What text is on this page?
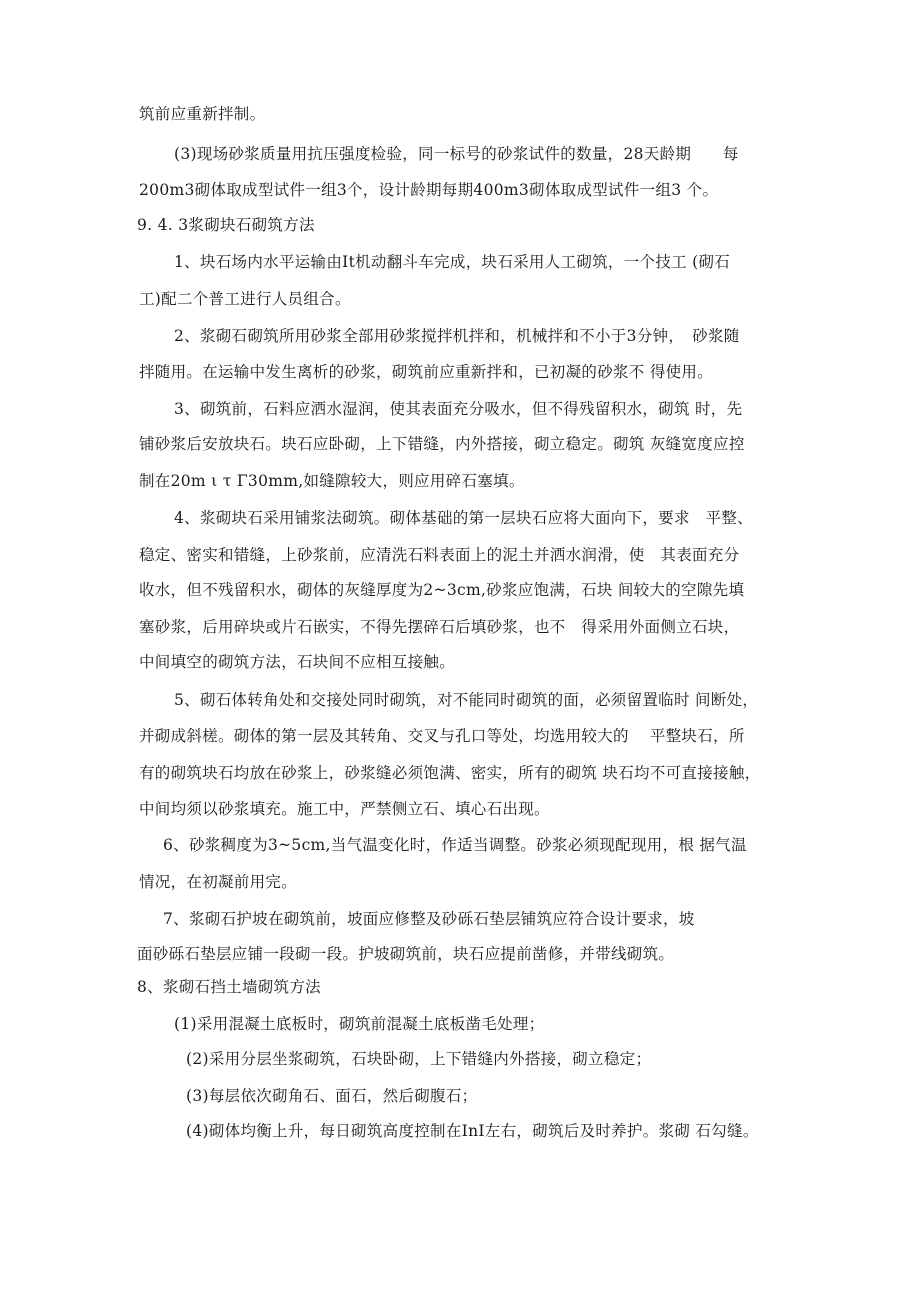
筑前应重新拌制。
(3)现场砂浆质量用抗压强度检验，同一标号的砂浆试件的数量，28天龄期　　每
200m3砌体取成型试件一组3个，设计龄期每期400m3砌体取成型试件一组3 个。
9. 4. 3浆砌块石砌筑方法
1、块石场内水平运输由It机动翻斗车完成，块石采用人工砌筑，一个技工 (砌石
工)配二个普工进行人员组合。
2、浆砌石砌筑所用砂浆全部用砂浆搅拌机拌和，机械拌和不小于3分钟，　砂浆随
拌随用。在运输中发生离析的砂浆，砌筑前应重新拌和，已初凝的砂浆不 得使用。
3、砌筑前，石料应洒水湿润，使其表面充分吸水，但不得残留积水，砌筑 时，先
铺砂浆后安放块石。块石应卧砌，上下错缝，内外搭接，砌立稳定。砌筑 灰缝宽度应控
制在20m ι τ Γ30mm,如缝隙较大，则应用碎石塞填。
4、浆砌块石采用铺浆法砌筑。砌体基础的第一层块石应将大面向下，要求　平整、
稳定、密实和错缝，上砂浆前，应清洗石料表面上的泥土并洒水润滑，使　其表面充分
收水，但不残留积水，砌体的灰缝厚度为2~3cm,砂浆应饱满，石块 间较大的空隙先填
塞砂浆，后用碎块或片石嵌实，不得先摆碎石后填砂浆，也不　得采用外面侧立石块，
中间填空的砌筑方法，石块间不应相互接触。
5、砌石体转角处和交接处同时砌筑，对不能同时砌筑的面，必须留置临时 间断处，
并砌成斜槎。砌体的第一层及其转角、交叉与孔口等处，均选用较大的　 平整块石，所
有的砌筑块石均放在砂浆上，砂浆缝必须饱满、密实，所有的砌筑 块石均不可直接接触，
中间均须以砂浆填充。施工中，严禁侧立石、填心石出现。
6、砂浆稠度为3~5cm,当气温变化时，作适当调整。砂浆必须现配现用，根 据气温
情况，在初凝前用完。
7、浆砌石护坡在砌筑前，坡面应修整及砂砾石垫层铺筑应符合设计要求，坡
面砂砾石垫层应铺一段砌一段。护坡砌筑前，块石应提前凿修，并带线砌筑。
8、浆砌石挡土墙砌筑方法
(1)采用混凝土底板时，砌筑前混凝土底板凿毛处理；
(2)采用分层坐浆砌筑，石块卧砌，上下错缝内外搭接，砌立稳定；
(3)每层依次砌角石、面石，然后砌腹石；
(4)砌体均衡上升，每日砌筑高度控制在InI左右，砌筑后及时养护。浆砌 石勾缝。
